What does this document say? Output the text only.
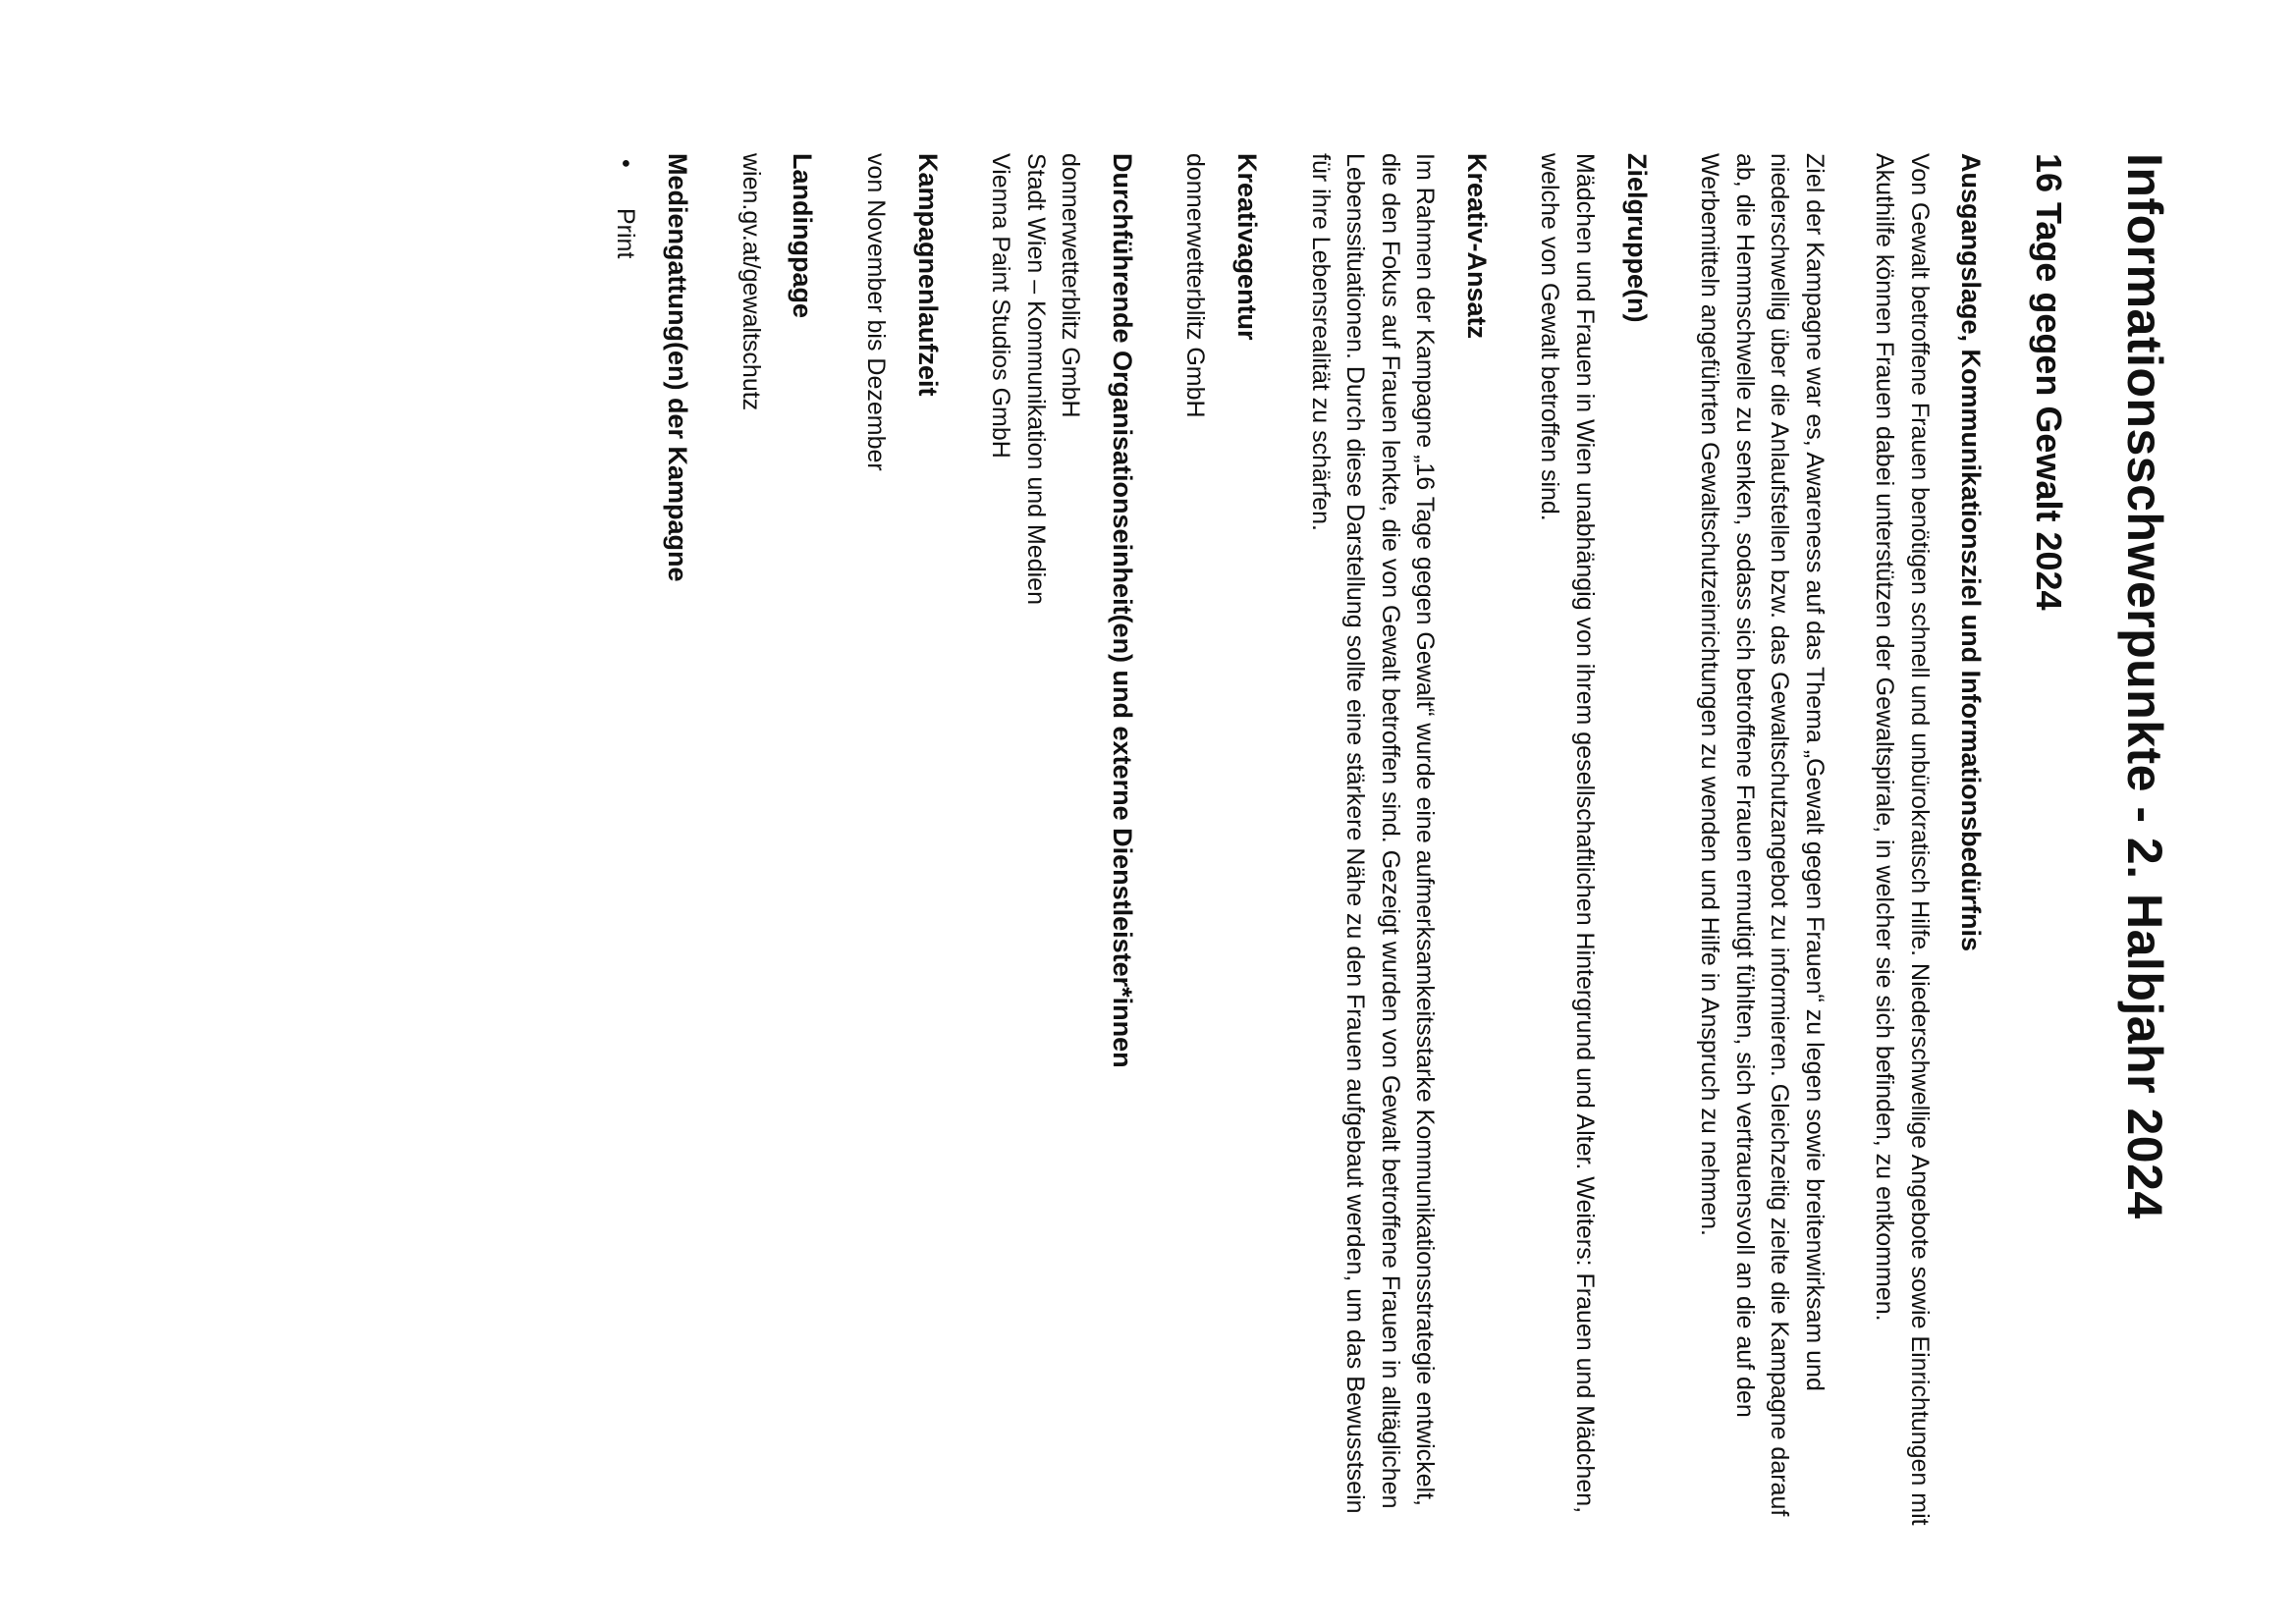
Informationsschwerpunkte - 2. Halbjahr 2024
16 Tage gegen Gewalt 2024
Ausgangslage, Kommunikationsziel und Informationsbedürfnis

Von Gewalt betroffene Frauen benötigen schnell und unbürokratisch Hilfe. Niederschwellige Angebote sowie Einrichtungen mit Akuthilfe können Frauen dabei unterstützen der Gewaltspirale, in welcher sie sich befinden, zu entkommen.

Ziel der Kampagne war es, Awareness auf das Thema „Gewalt gegen Frauen“ zu legen sowie breitenwirksam und niederschwellig über die Anlaufstellen bzw. das Gewaltschutzangebot zu informieren. Gleichzeitig zielte die Kampagne darauf ab, die Hemmschwelle zu senken, sodass sich betroffene Frauen ermutigt fühlten, sich vertrauensvoll an die auf den Werbemitteln angeführten Gewaltschutzeinrichtungen zu wenden und Hilfe in Anspruch zu nehmen.

Zielgruppe(n)

Mädchen und Frauen in Wien unabhängig von ihrem gesellschaftlichen Hintergrund und Alter. Weiters: Frauen und Mädchen, welche von Gewalt betroffen sind.

Kreativ-Ansatz

Im Rahmen der Kampagne „16 Tage gegen Gewalt“ wurde eine aufmerksamkeitsstarke Kommunikationsstrategie entwickelt, die den Fokus auf Frauen lenkte, die von Gewalt betroffen sind. Gezeigt wurden von Gewalt betroffene Frauen in alltäglichen Lebenssituationen. Durch diese Darstellung sollte eine stärkere Nähe zu den Frauen aufgebaut werden, um das Bewusstsein für ihre Lebensrealität zu schärfen.

Kreativagentur

donnerwetterblitz GmbH

Durchführende Organisationseinheit(en) und externe Dienstleister*innen
donnerwetterblitz GmbH
Stadt Wien – Kommunikation und Medien
Vienna Paint Studios GmbH
Kampagnenlaufzeit

von November bis Dezember

Landingpage

wien.gv.at/gewaltschutz

Mediengattung(en) der Kampagne
•
Print
